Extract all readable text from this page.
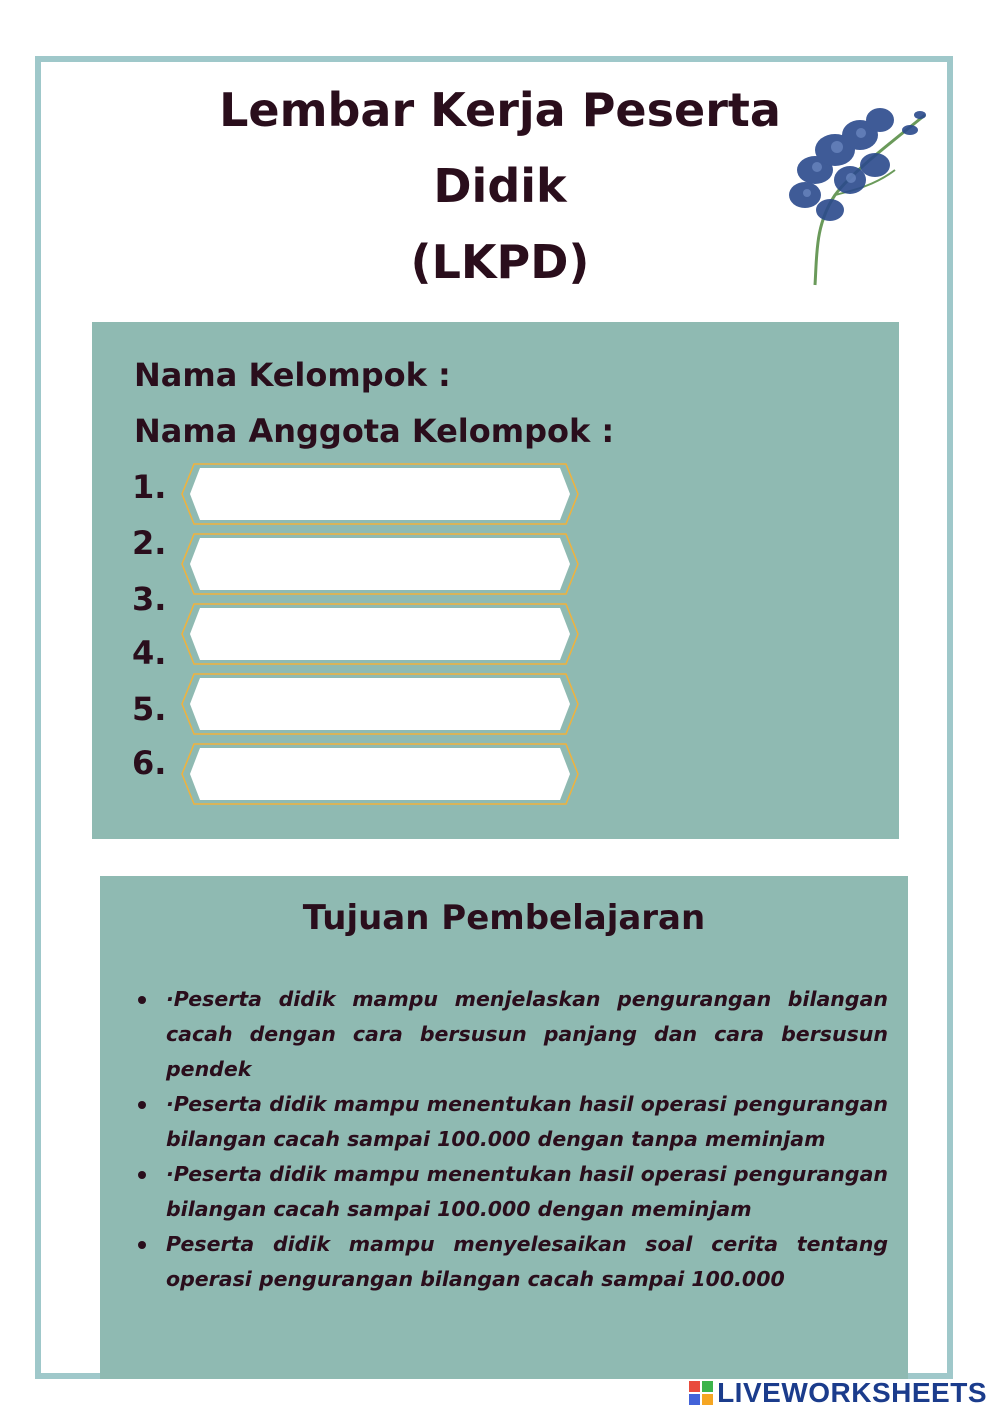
Lembar Kerja Peserta
Didik
(LKPD)
Nama Kelompok :
Nama Anggota Kelompok :
1.
2.
3.
4.
5.
6.
Tujuan Pembelajaran
·Peserta didik mampu menjelaskan pengurangan bilangan cacah dengan cara bersusun panjang dan cara bersusun pendek
·Peserta didik mampu menentukan hasil operasi pengurangan bilangan cacah sampai 100.000 dengan tanpa meminjam
·Peserta didik mampu menentukan hasil operasi pengurangan bilangan cacah sampai 100.000 dengan meminjam
Peserta didik mampu menyelesaikan soal cerita tentang operasi pengurangan bilangan cacah sampai 100.000
LIVEWORKSHEETS
